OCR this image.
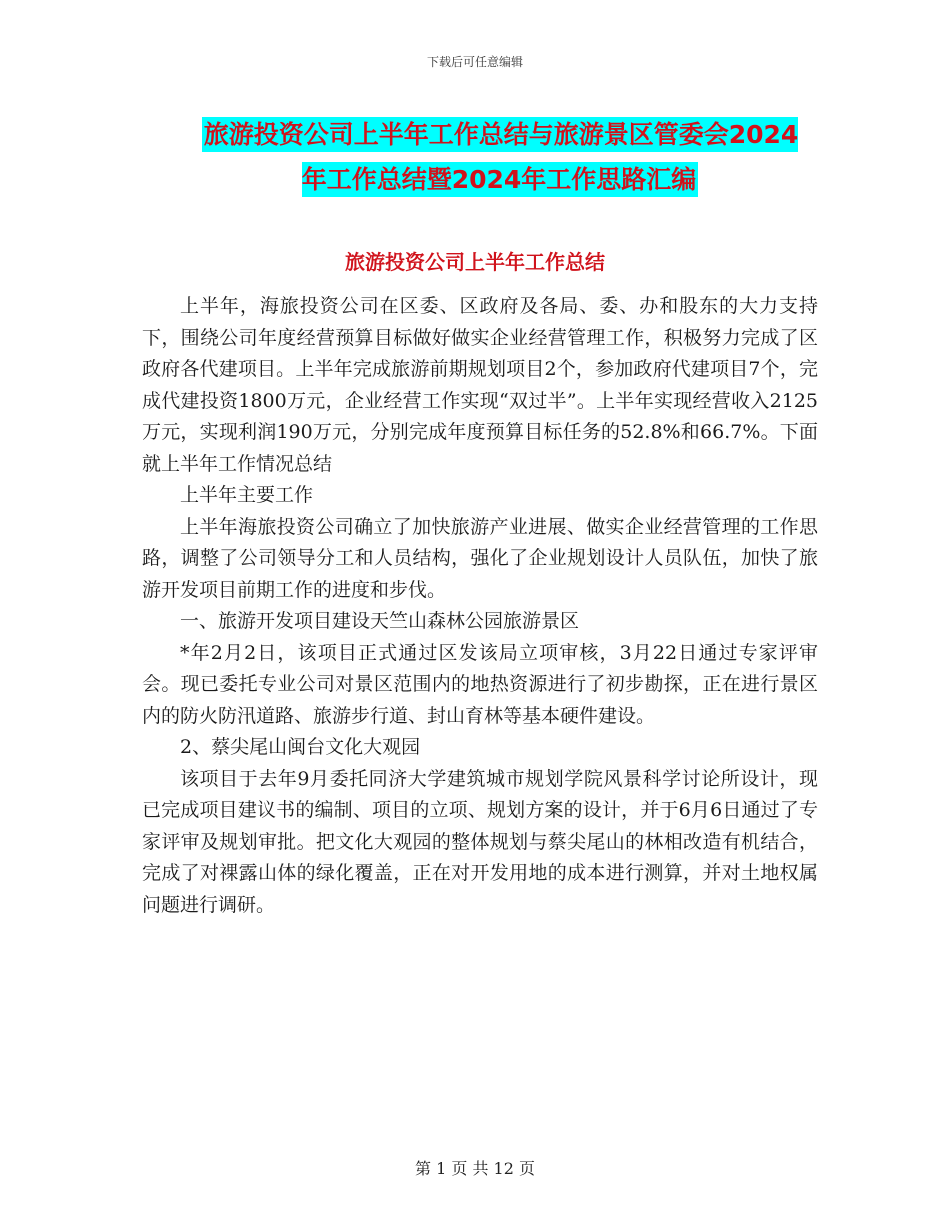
下载后可任意编辑
旅游投资公司上半年工作总结与旅游景区管委会2024年工作总结暨2024年工作思路汇编
旅游投资公司上半年工作总结

上半年，海旅投资公司在区委、区政府及各局、委、办和股东的大力支持下，围绕公司年度经营预算目标做好做实企业经营管理工作，积极努力完成了区政府各代建项目。上半年完成旅游前期规划项目2个，参加政府代建项目7个，完成代建投资1800万元，企业经营工作实现“双过半”。上半年实现经营收入2125万元，实现利润190万元，分别完成年度预算目标任务的52.8%和66.7%。下面就上半年工作情况总结

上半年主要工作

上半年海旅投资公司确立了加快旅游产业进展、做实企业经营管理的工作思路，调整了公司领导分工和人员结构，强化了企业规划设计人员队伍，加快了旅游开发项目前期工作的进度和步伐。

一、旅游开发项目建设天竺山森林公园旅游景区

*年2月2日，该项目正式通过区发该局立项审核，3月22日通过专家评审会。现已委托专业公司对景区范围内的地热资源进行了初步勘探，正在进行景区内的防火防汛道路、旅游步行道、封山育林等基本硬件建设。

2、蔡尖尾山闽台文化大观园

该项目于去年9月委托同济大学建筑城市规划学院风景科学讨论所设计，现已完成项目建议书的编制、项目的立项、规划方案的设计，并于6月6日通过了专家评审及规划审批。把文化大观园的整体规划与蔡尖尾山的林相改造有机结合，完成了对裸露山体的绿化覆盖，正在对开发用地的成本进行测算，并对土地权属问题进行调研。

第 1 页 共 12 页
